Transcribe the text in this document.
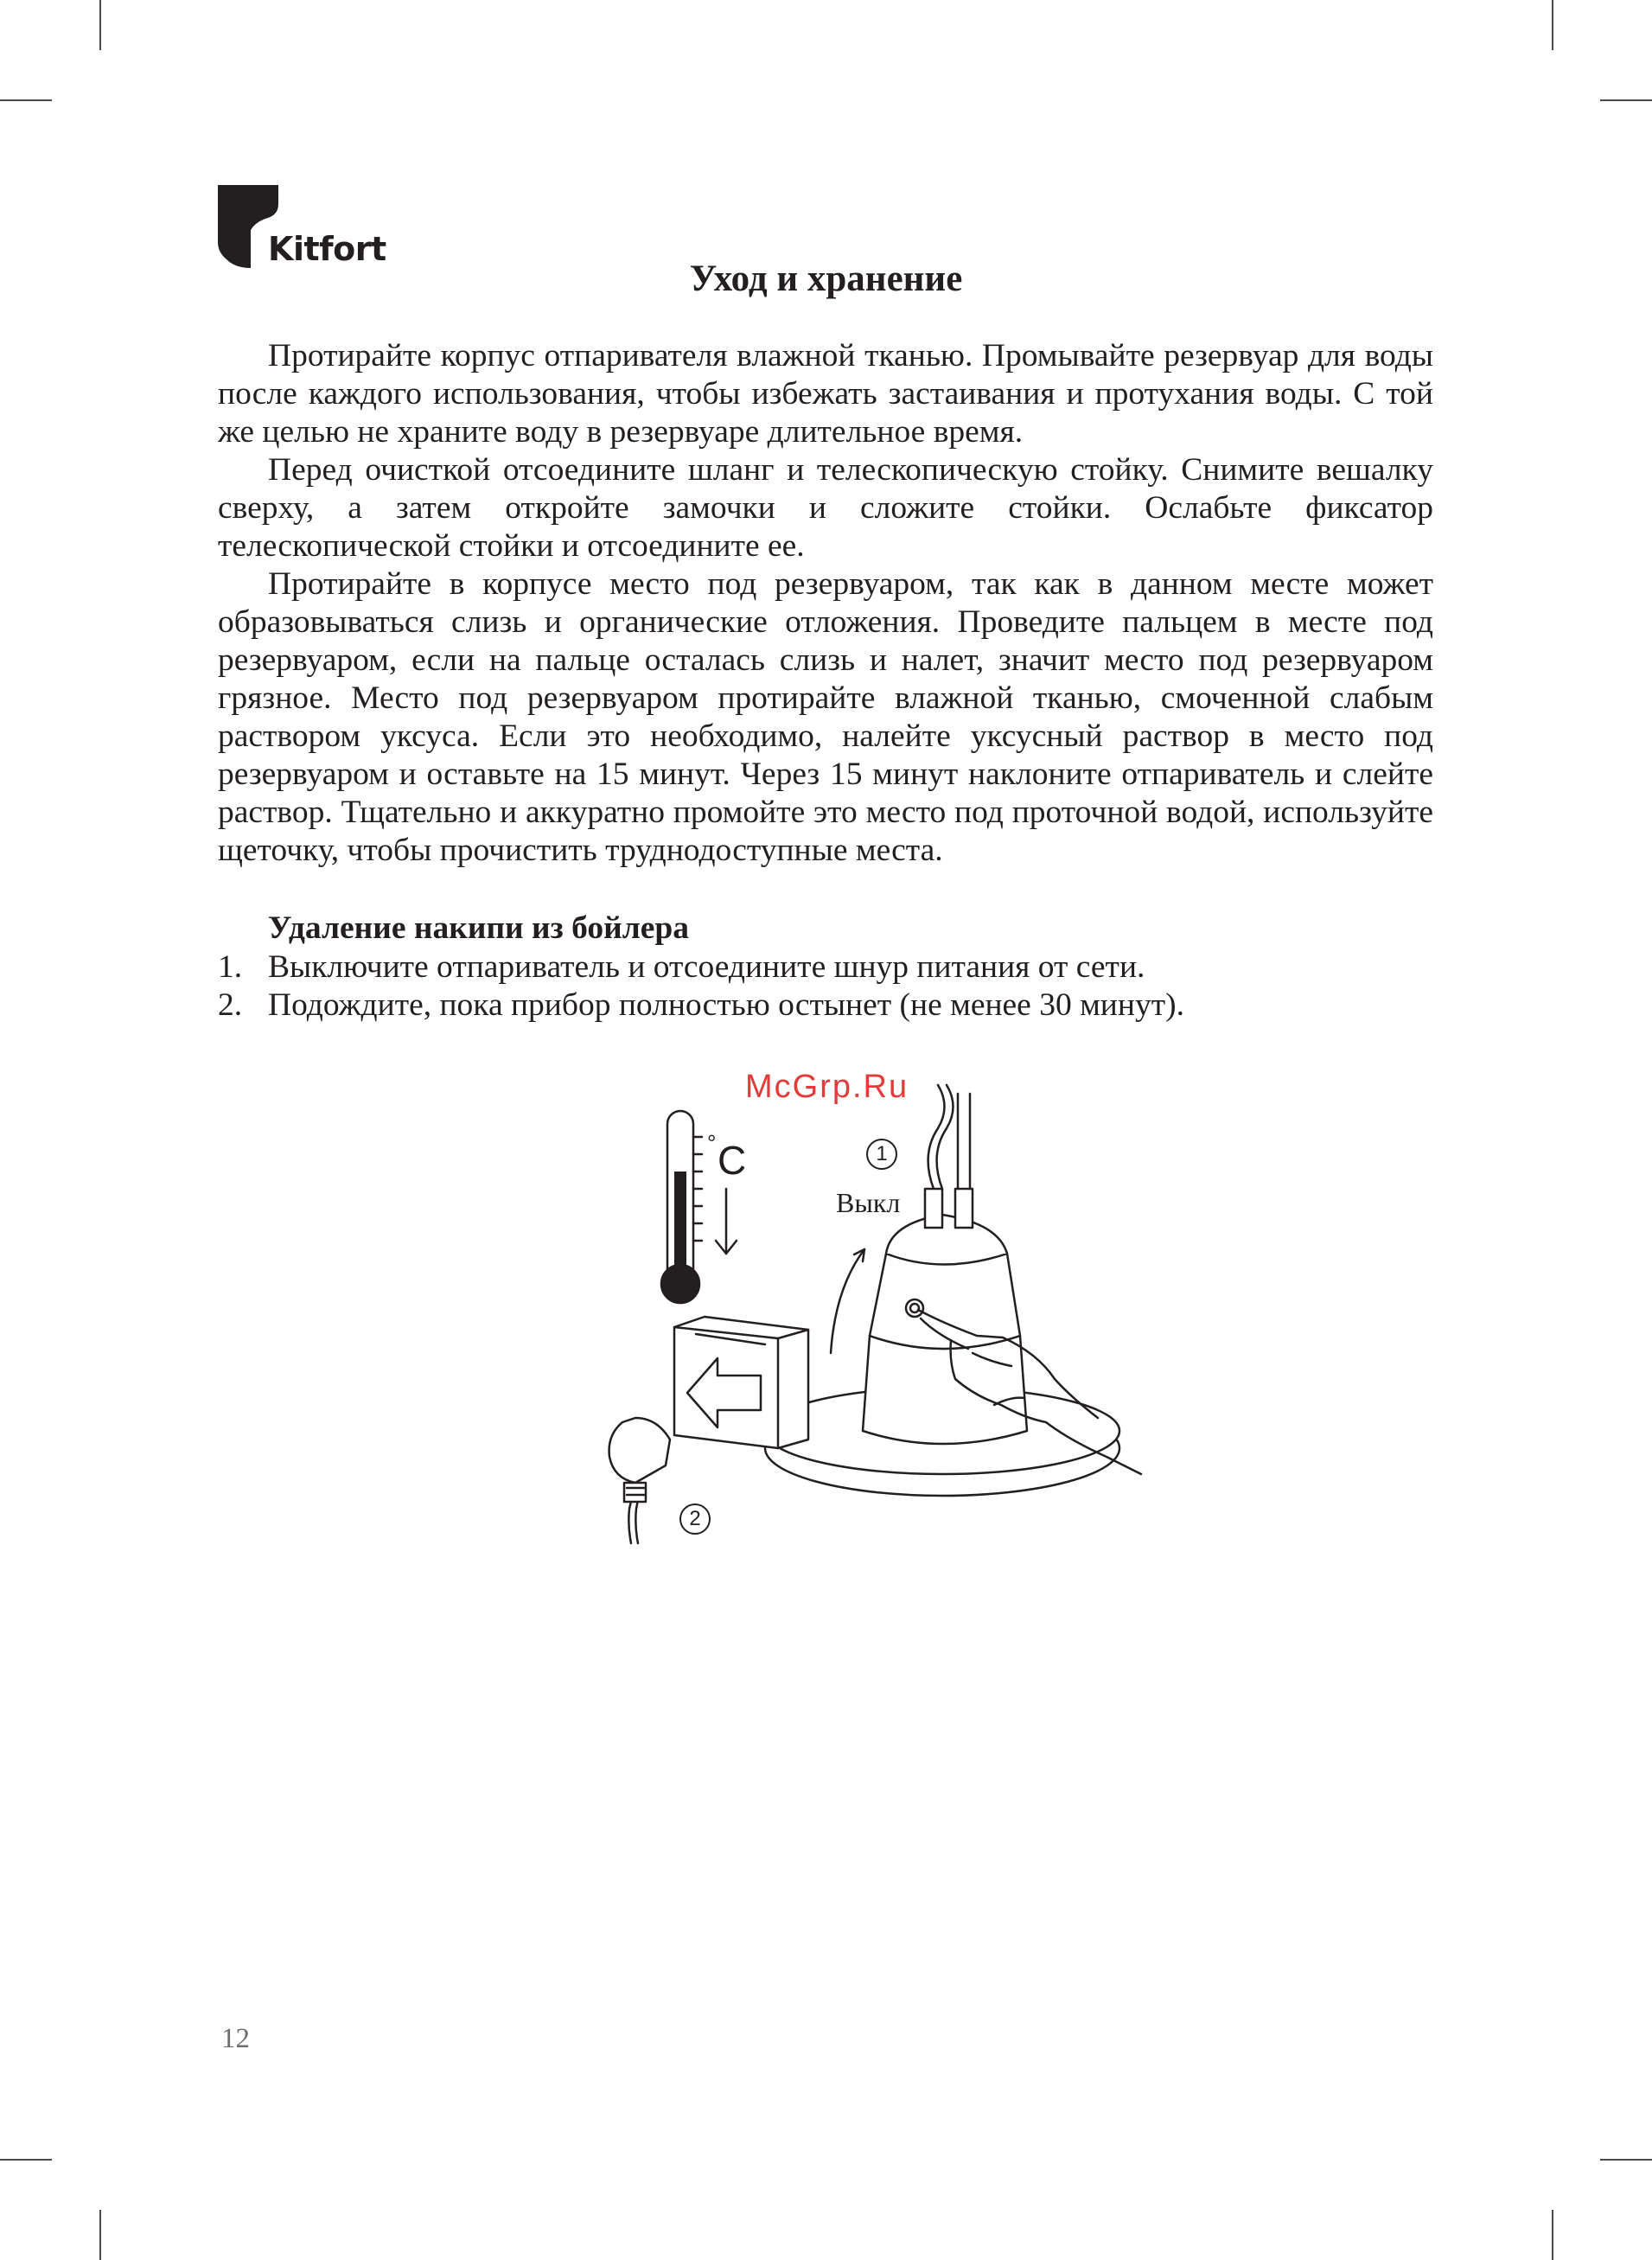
Kitfort
Уход и хранение

Протирайте корпус отпаривателя влажной тканью. Промывайте резервуар для воды после каждого использования, чтобы избежать застаивания и протухания воды. С той же целью не храните воду в резервуаре длительное время.

Перед очисткой отсоедините шланг и телескопическую стойку. Снимите вешалку сверху, а затем откройте замочки и сложите стойки. Ослабьте фиксатор телескопической стойки и отсоедините ее.

Протирайте в корпусе место под резервуаром, так как в данном месте может образовываться слизь и органические отложения. Проведите пальцем в месте под резервуаром, если на пальце осталась слизь и налет, значит место под резервуаром грязное. Место под резервуаром протирайте влажной тканью, смоченной слабым раствором уксуса. Если это необходимо, налейте уксусный раствор в место под резервуаром и оставьте на 15 минут. Через 15 минут наклоните отпариватель и слейте раствор. Тщательно и аккуратно промойте это место под проточной водой, используйте щеточку, чтобы прочистить труднодоступные места.

Удаление накипи из бойлера
1. Выключите отпариватель и отсоедините шнур питания от сети.
2. Подождите, пока прибор полностью остынет (не менее 30 минут).
° C	1
Выкл
2
McGrp.Ru
12
